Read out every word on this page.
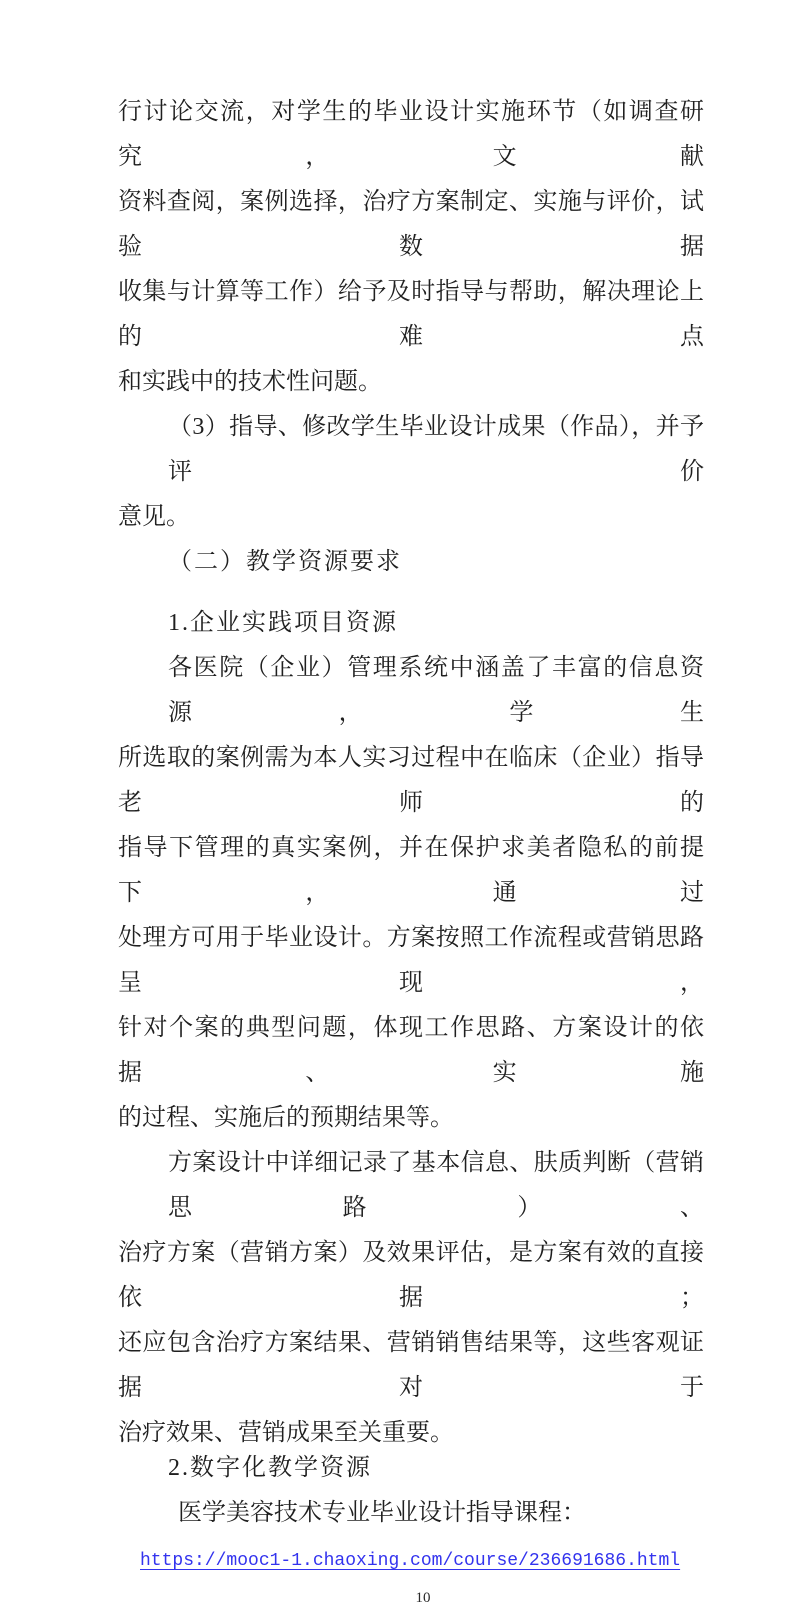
行讨论交流，对学生的毕业设计实施环节（如调查研究，文献
资料查阅，案例选择，治疗方案制定、实施与评价，试验数据
收集与计算等工作）给予及时指导与帮助，解决理论上的难点
和实践中的技术性问题。
（3）指导、修改学生毕业设计成果（作品），并予评价
意见。
（二）教学资源要求
1.企业实践项目资源
各医院（企业）管理系统中涵盖了丰富的信息资源，学生
所选取的案例需为本人实习过程中在临床（企业）指导老师的
指导下管理的真实案例，并在保护求美者隐私的前提下，通过
处理方可用于毕业设计。方案按照工作流程或营销思路呈现，
针对个案的典型问题，体现工作思路、方案设计的依据、实施
的过程、实施后的预期结果等。
方案设计中详细记录了基本信息、肤质判断（营销思路）、
治疗方案（营销方案）及效果评估，是方案有效的直接依据；
还应包含治疗方案结果、营销销售结果等，这些客观证据对于
治疗效果、营销成果至关重要。
2.数字化教学资源
医学美容技术专业毕业设计指导课程：
https://mooc1-1.chaoxing.com/course/236691686.html
10
